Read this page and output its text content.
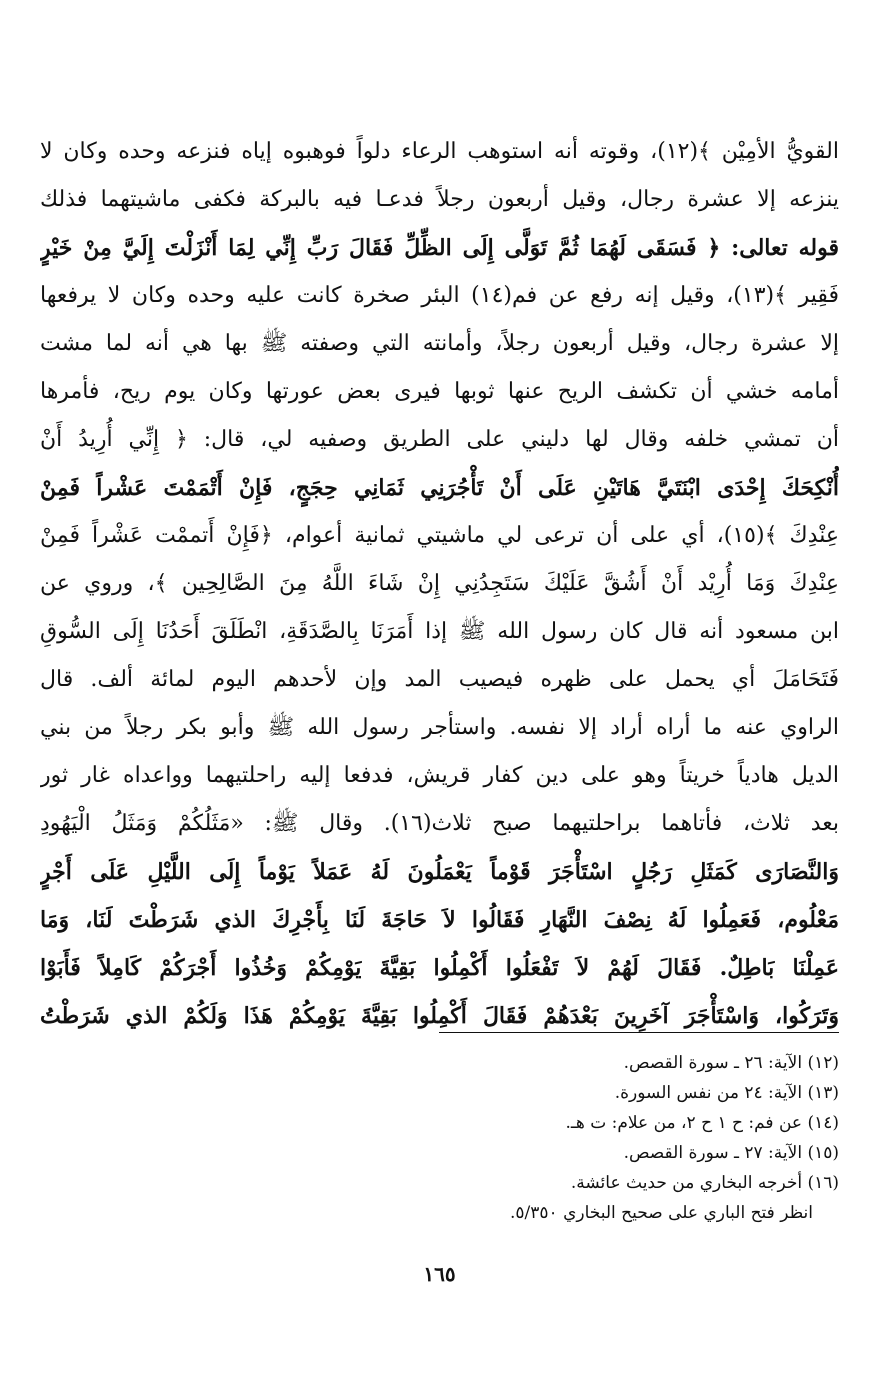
القويُّ الأمِيْن ﴾(١٢)، وقوته أنه استوهب الرعاء دلواً فوهبوه إياه فنزعه وحده وكان لا
ينزعه إلا عشرة رجال، وقيل أربعون رجلاً فدعـا فيه بالبركة فكفى ماشيتهما فذلك
قوله تعالى: ﴿ فَسَقَى لَهُمَا ثُمَّ تَوَلَّى إِلَى الظِّلِّ فَقَالَ رَبِّ إِنِّي لِمَا أَنْزَلْتَ إِلَيَّ مِنْ خَيْرٍ
فَقِير ﴾(١٣)، وقيل إنه رفع عن فم(١٤) البئر صخرة كانت عليه وحده وكان لا يرفعها
إلا عشرة رجال، وقيل أربعون رجلاً، وأمانته التي وصفته ﷺ بها هي أنه لما مشت
أمامه خشي أن تكشف الريح عنها ثوبها فيرى بعض عورتها وكان يوم ريح، فأمرها
أن تمشي خلفه وقال لها دليني على الطريق وصفيه لي، قال: ﴿ إِنِّي أُرِيدُ أَنْ
أُنْكِحَكَ إِحْدَى ابْنَتَيَّ هَاتَيْنِ عَلَى أَنْ تَأْجُرَنِي ثَمَانِي حِجَجٍ، فَإِنْ أَتْمَمْتَ عَشْراً فَمِنْ
عِنْدِكَ ﴾(١٥)، أي على أن ترعى لي ماشيتي ثمانية أعوام، ﴿فَإِنْ أَتممْت عَشْراً فَمِنْ
عِنْدِكَ وَمَا أُرِيْد أَنْ أَشُقَّ عَلَيْكَ سَتَجِدُنِي إِنْ شَاءَ اللَّهُ مِنَ الصَّالِحِين ﴾، وروي عن
ابن مسعود أنه قال كان رسول الله ﷺ إذا أَمَرَنَا بِالصَّدَقَةِ، انْطَلَقَ أَحَدُنَا إِلَى السُّوقِ
فَتَحَامَلَ أي يحمل على ظهره فيصيب المد وإن لأحدهم اليوم لمائة ألف. قال
الراوي عنه ما أراه أراد إلا نفسه. واستأجر رسول الله ﷺ وأبو بكر رجلاً من بني
الديل هادياً خريتاً وهو على دين كفار قريش، فدفعا إليه راحلتيهما وواعداه غار ثور
بعد ثلاث، فأتاهما براحلتيهما صبح ثلاث(١٦). وقال ﷺ: «مَثَلُكُمْ وَمَثَلُ الْيَهُودِ
وَالنَّصَارَى كَمَثَلِ رَجُلٍ اسْتَأْجَرَ قَوْماً يَعْمَلُونَ لَهُ عَمَلاً يَوْماً إِلَى اللَّيْلِ عَلَى أَجْرٍ
مَعْلُوم، فَعَمِلُوا لَهُ نِصْفَ النَّهَارِ فَقَالُوا لاَ حَاجَةَ لَنَا بِأَجْرِكَ الذي شَرَطْتَ لَنَا، وَمَا
عَمِلْنَا بَاطِلٌ. فَقَالَ لَهُمْ لاَ تَفْعَلُوا أَكْمِلُوا بَقِيَّةَ يَوْمِكُمْ وَخُذُوا أَجْرَكُمْ كَامِلاً فَأَبَوْا
وَتَرَكُوا، وَاسْتَأْجَرَ آخَرِينَ بَعْدَهُمْ فَقَالَ أَكْمِلُوا بَقِيَّةَ يَوْمِكُمْ هَذَا وَلَكُمْ الذي شَرَطْتُ
(١٢) الآية: ٢٦ ـ سورة القصص.
(١٣) الآية: ٢٤ من نفس السورة.
(١٤) عن فم: ح ١ ح ٢، من علام: ت هـ.
(١٥) الآية: ٢٧ ـ سورة القصص.
(١٦) أخرجه البخاري من حديث عائشة.
انظر فتح الباري على صحيح البخاري ٥/٣٥٠.
١٦٥
